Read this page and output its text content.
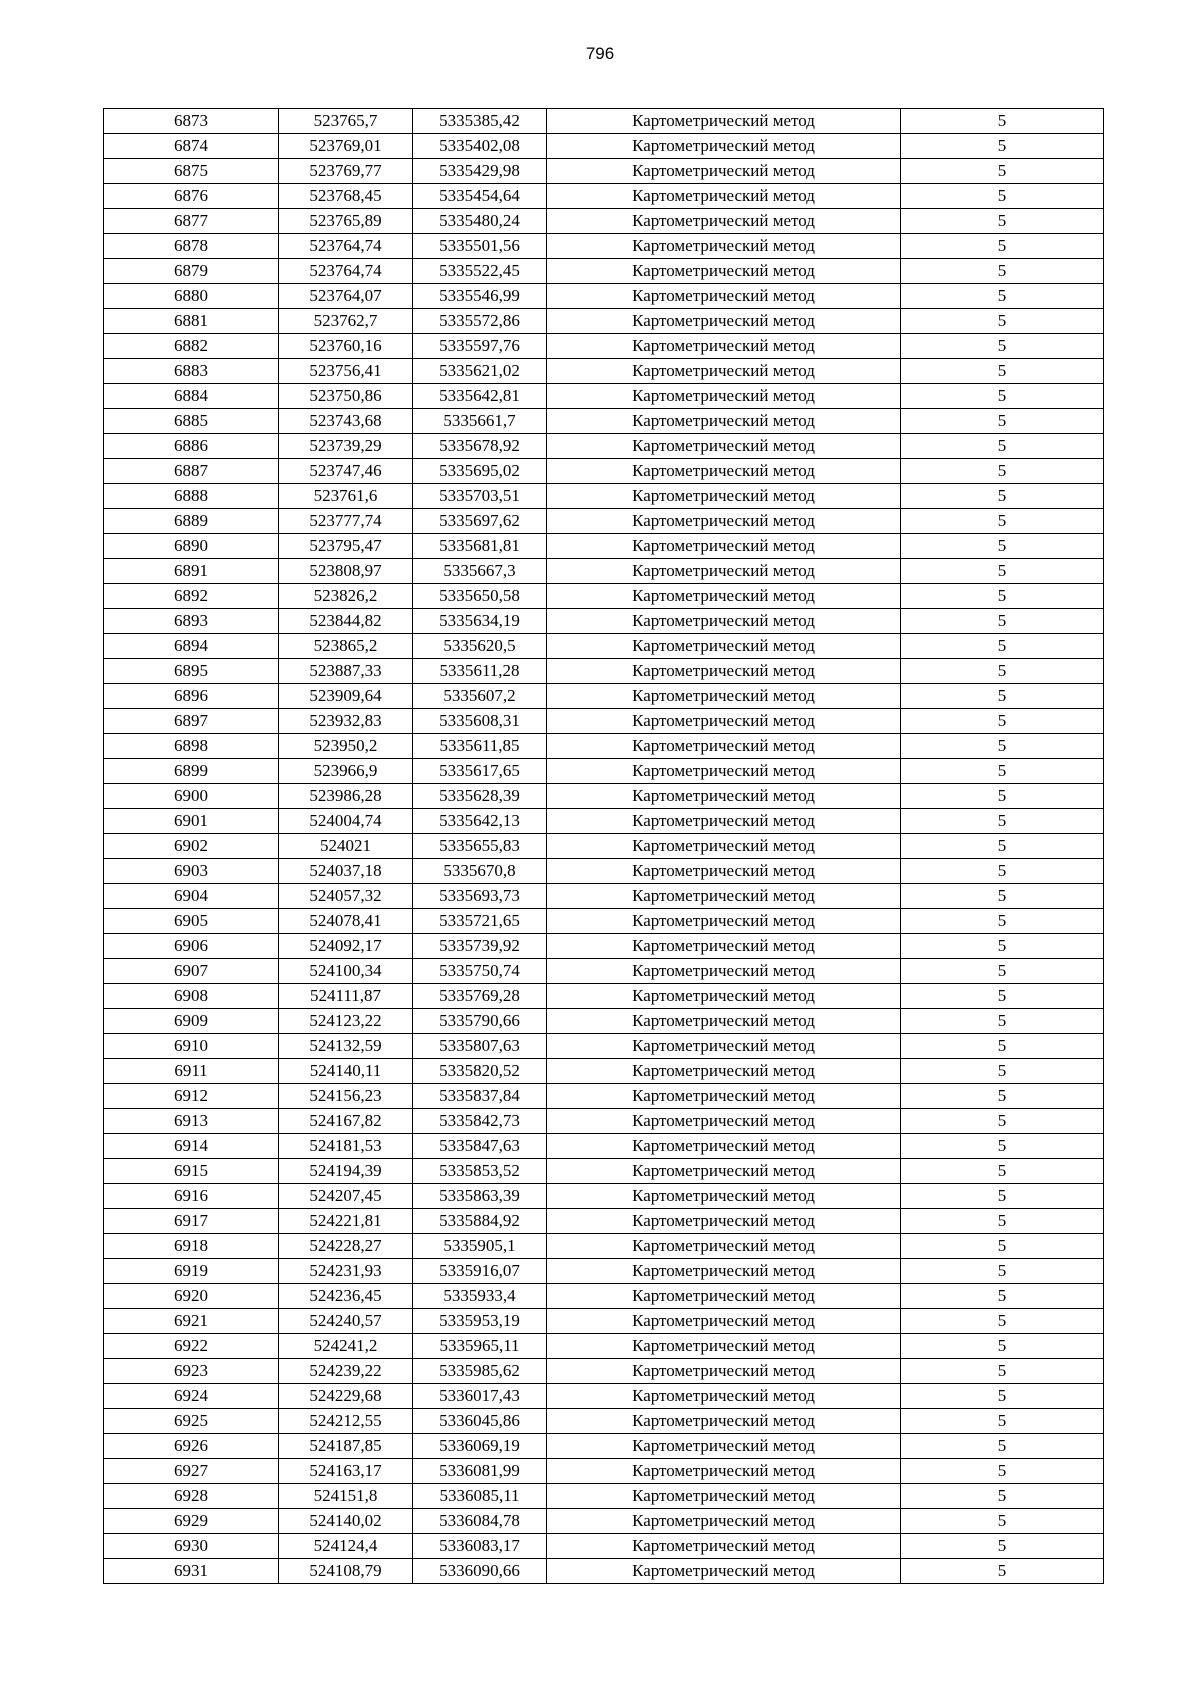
796
6873	523765,7	5335385,42	Картометрический метод	5
6874	523769,01	5335402,08	Картометрический метод	5
6875	523769,77	5335429,98	Картометрический метод	5
6876	523768,45	5335454,64	Картометрический метод	5
6877	523765,89	5335480,24	Картометрический метод	5
6878	523764,74	5335501,56	Картометрический метод	5
6879	523764,74	5335522,45	Картометрический метод	5
6880	523764,07	5335546,99	Картометрический метод	5
6881	523762,7	5335572,86	Картометрический метод	5
6882	523760,16	5335597,76	Картометрический метод	5
6883	523756,41	5335621,02	Картометрический метод	5
6884	523750,86	5335642,81	Картометрический метод	5
6885	523743,68	5335661,7	Картометрический метод	5
6886	523739,29	5335678,92	Картометрический метод	5
6887	523747,46	5335695,02	Картометрический метод	5
6888	523761,6	5335703,51	Картометрический метод	5
6889	523777,74	5335697,62	Картометрический метод	5
6890	523795,47	5335681,81	Картометрический метод	5
6891	523808,97	5335667,3	Картометрический метод	5
6892	523826,2	5335650,58	Картометрический метод	5
6893	523844,82	5335634,19	Картометрический метод	5
6894	523865,2	5335620,5	Картометрический метод	5
6895	523887,33	5335611,28	Картометрический метод	5
6896	523909,64	5335607,2	Картометрический метод	5
6897	523932,83	5335608,31	Картометрический метод	5
6898	523950,2	5335611,85	Картометрический метод	5
6899	523966,9	5335617,65	Картометрический метод	5
6900	523986,28	5335628,39	Картометрический метод	5
6901	524004,74	5335642,13	Картометрический метод	5
6902	524021	5335655,83	Картометрический метод	5
6903	524037,18	5335670,8	Картометрический метод	5
6904	524057,32	5335693,73	Картометрический метод	5
6905	524078,41	5335721,65	Картометрический метод	5
6906	524092,17	5335739,92	Картометрический метод	5
6907	524100,34	5335750,74	Картометрический метод	5
6908	524111,87	5335769,28	Картометрический метод	5
6909	524123,22	5335790,66	Картометрический метод	5
6910	524132,59	5335807,63	Картометрический метод	5
6911	524140,11	5335820,52	Картометрический метод	5
6912	524156,23	5335837,84	Картометрический метод	5
6913	524167,82	5335842,73	Картометрический метод	5
6914	524181,53	5335847,63	Картометрический метод	5
6915	524194,39	5335853,52	Картометрический метод	5
6916	524207,45	5335863,39	Картометрический метод	5
6917	524221,81	5335884,92	Картометрический метод	5
6918	524228,27	5335905,1	Картометрический метод	5
6919	524231,93	5335916,07	Картометрический метод	5
6920	524236,45	5335933,4	Картометрический метод	5
6921	524240,57	5335953,19	Картометрический метод	5
6922	524241,2	5335965,11	Картометрический метод	5
6923	524239,22	5335985,62	Картометрический метод	5
6924	524229,68	5336017,43	Картометрический метод	5
6925	524212,55	5336045,86	Картометрический метод	5
6926	524187,85	5336069,19	Картометрический метод	5
6927	524163,17	5336081,99	Картометрический метод	5
6928	524151,8	5336085,11	Картометрический метод	5
6929	524140,02	5336084,78	Картометрический метод	5
6930	524124,4	5336083,17	Картометрический метод	5
6931	524108,79	5336090,66	Картометрический метод	5
